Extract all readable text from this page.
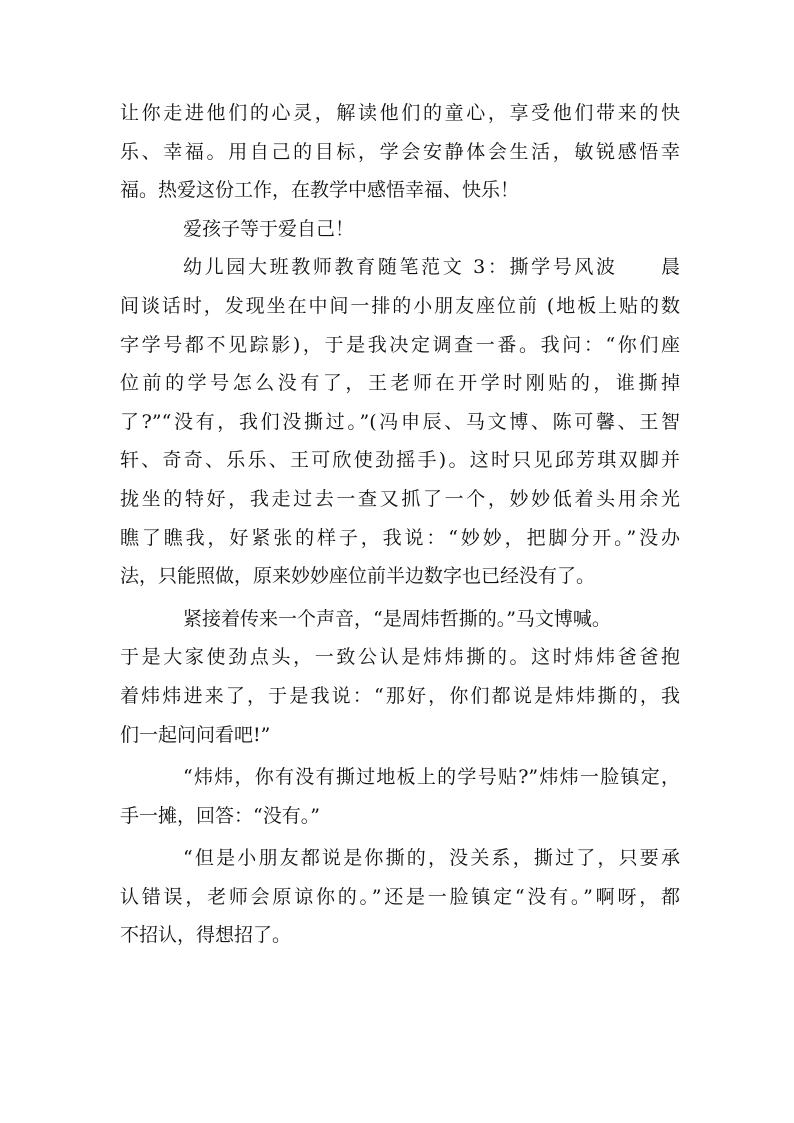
让你走进他们的心灵，解读他们的童心，享受他们带来的快
乐、幸福。用自己的目标，学会安静体会生活，敏锐感悟幸
福。热爱这份工作，在教学中感悟幸福、快乐！
爱孩子等于爱自己！
幼儿园大班教师教育随笔范文 3：撕学号风波　　晨
间谈话时，发现坐在中间一排的小朋友座位前 (地板上贴的数
字学号都不见踪影)，于是我决定调查一番。我问：“你们座
位前的学号怎么没有了，王老师在开学时刚贴的，谁撕掉
了?”“没有，我们没撕过。”(冯申辰、马文博、陈可馨、王智
轩、奇奇、乐乐、王可欣使劲摇手)。这时只见邱芳琪双脚并
拢坐的特好，我走过去一查又抓了一个，妙妙低着头用余光
瞧了瞧我，好紧张的样子，我说：“妙妙，把脚分开。”没办
法，只能照做，原来妙妙座位前半边数字也已经没有了。
紧接着传来一个声音，“是周炜哲撕的。”马文博喊。
于是大家使劲点头，一致公认是炜炜撕的。这时炜炜爸爸抱
着炜炜进来了，于是我说：“那好，你们都说是炜炜撕的，我
们一起问问看吧!”
“炜炜，你有没有撕过地板上的学号贴?”炜炜一脸镇定，
手一摊，回答：“没有。”
“但是小朋友都说是你撕的，没关系，撕过了，只要承
认错误，老师会原谅你的。”还是一脸镇定“没有。”啊呀，都
不招认，得想招了。
